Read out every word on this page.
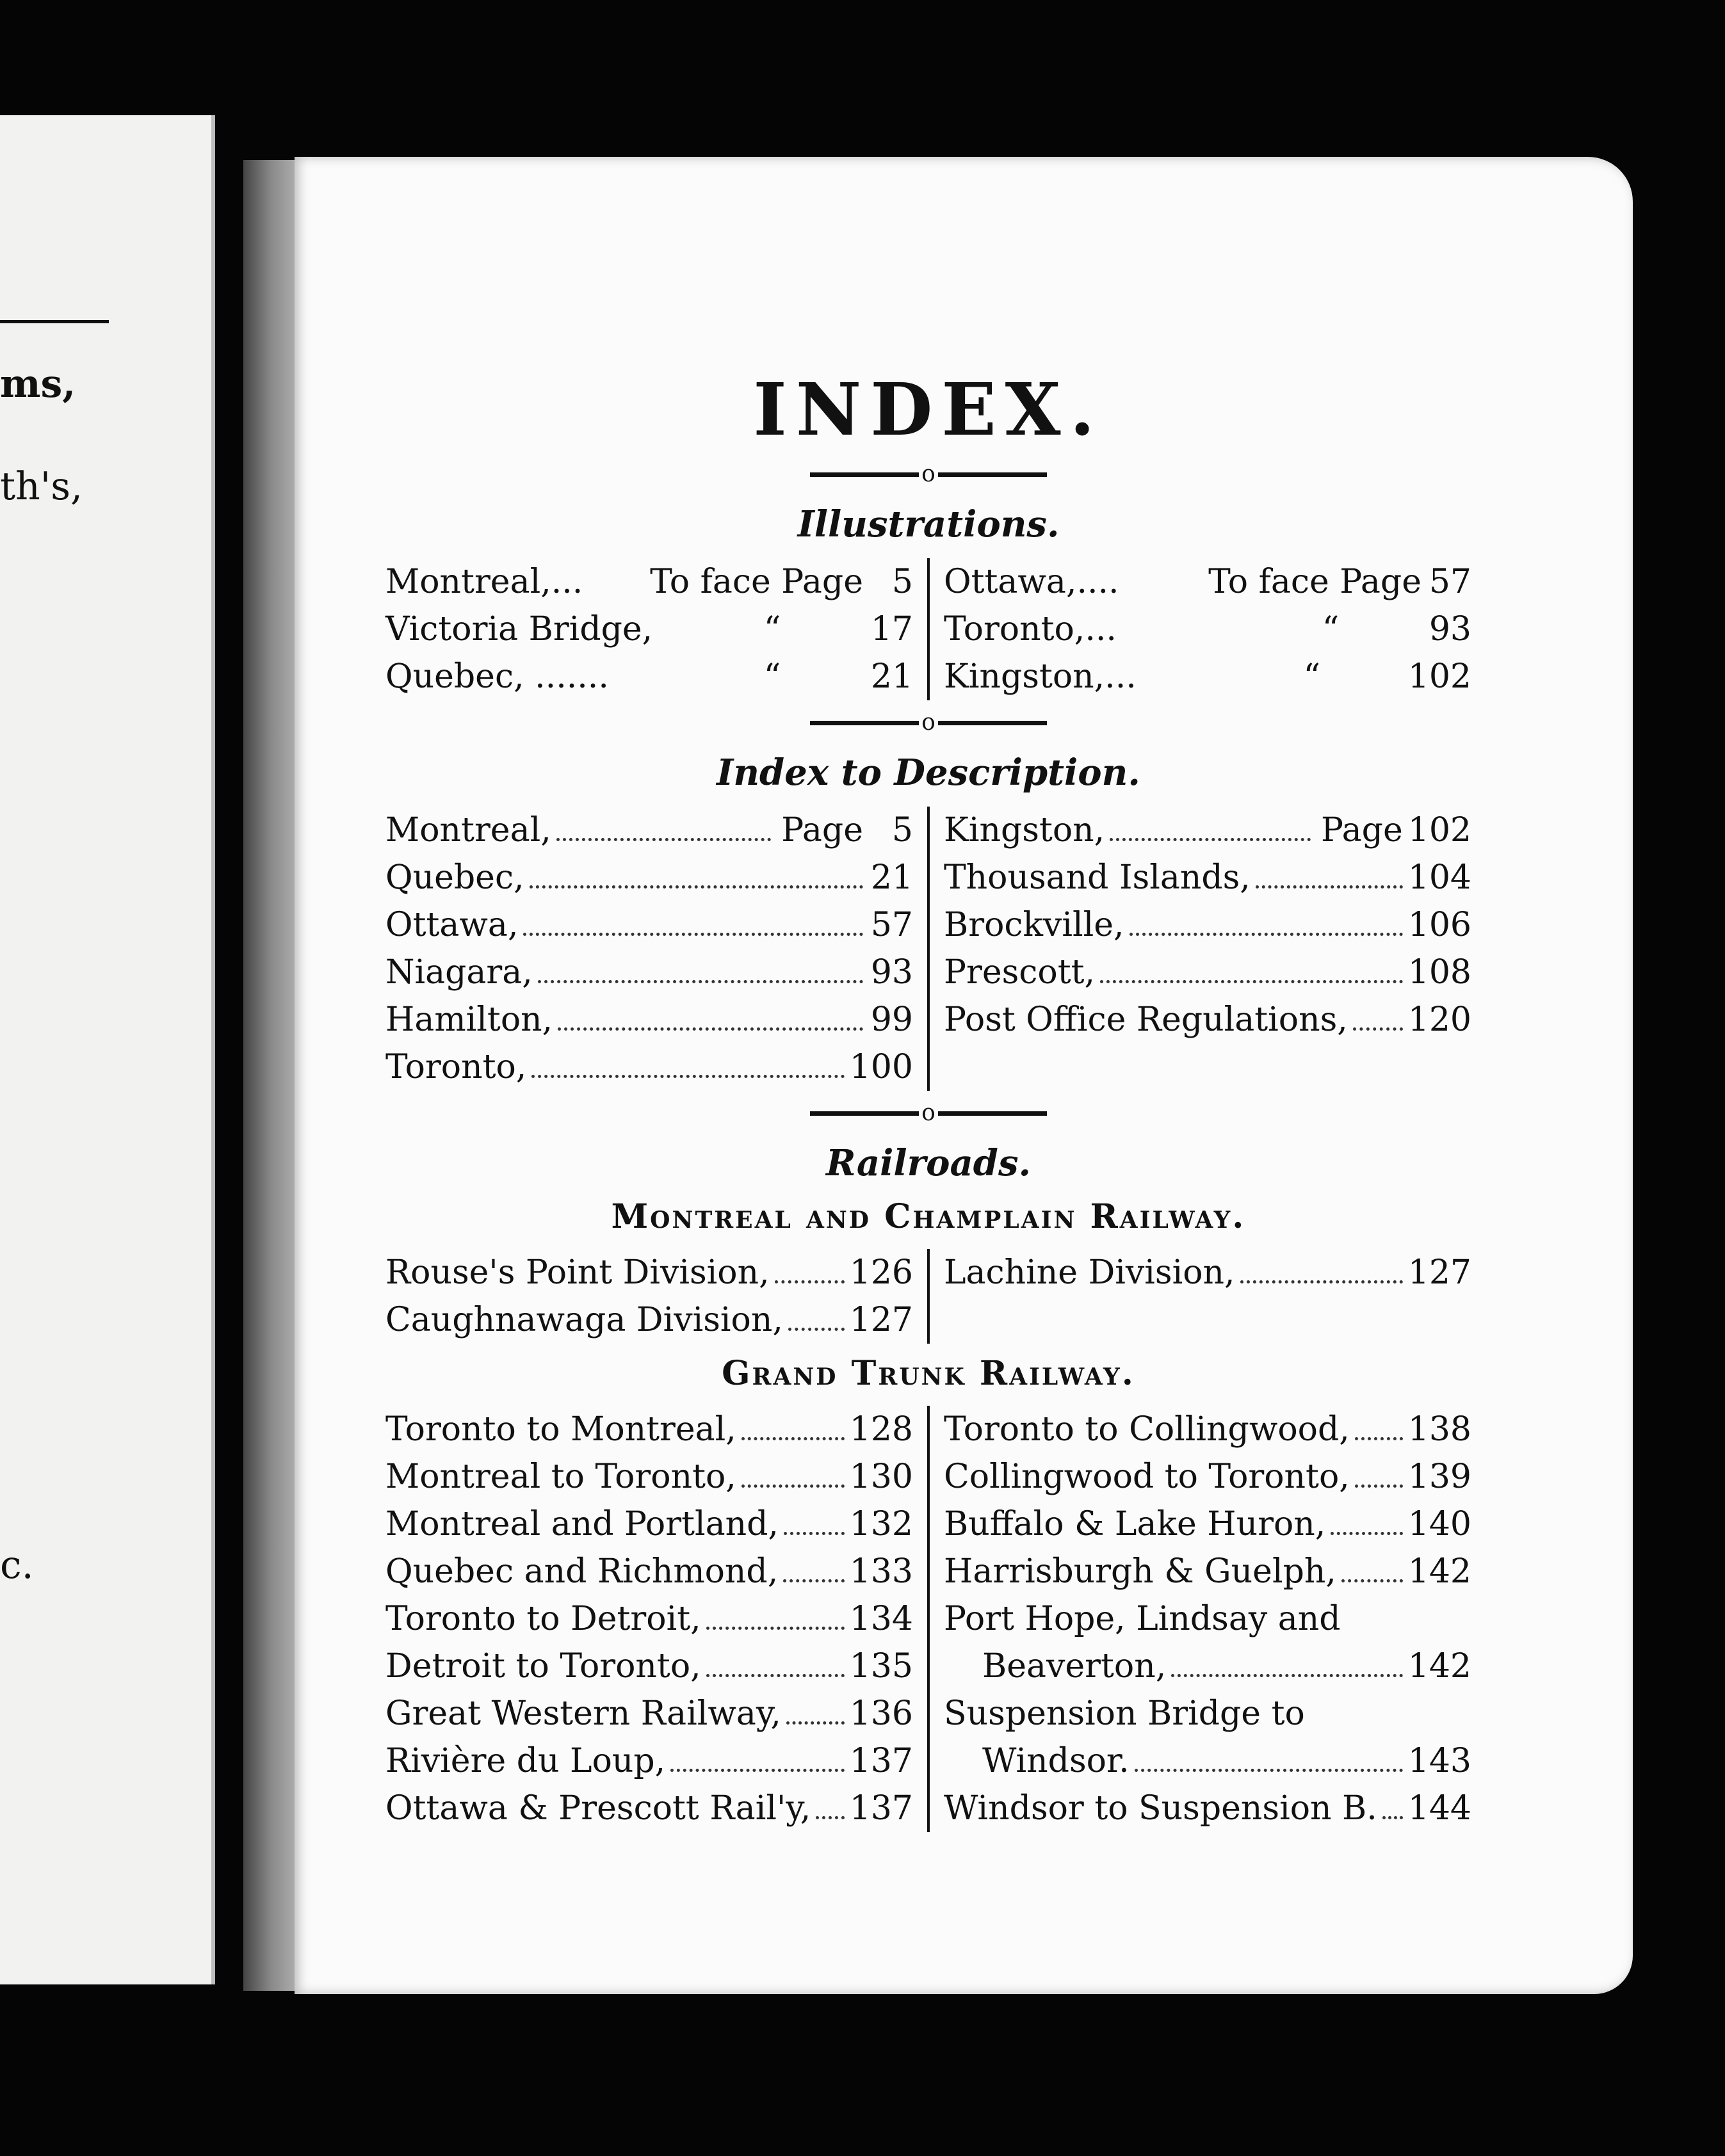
ms,
th's,
c.
INDEX.
o
Illustrations.
Montreal,... To face Page 5
Victoria Bridge,	“	17
Quebec, .......	“	21
Ottawa,....	To face Page 57
Toronto,...	“	93
Kingston,...	“	102
o
Index to Description.
Montreal,	Page 5
Quebec,	21
Ottawa,	57
Niagara,	93
Hamilton,	99
Toronto,	100
Kingston,	Page 102
Thousand Islands,	104
Brockville,	106
Prescott,	108
Post Office Regulations, 120
o
Railroads.
Montreal and Champlain Railway.
Rouse's Point Division, 126
Caughnawaga Division, 127
Lachine Division,	127
Grand Trunk Railway.
Toronto to Montreal,	128
Montreal to Toronto,	130
Montreal and Portland, 132
Quebec and Richmond, 133
Toronto to Detroit,	134
Detroit to Toronto,	135
Great Western Railway, 136
Rivière du Loup,	137
Ottawa & Prescott Rail'y, 137
Toronto to Collingwood, 138
Collingwood to Toronto, 139
Buffalo & Lake Huron, 140
Harrisburgh & Guelph, 142
Port Hope, Lindsay and
Beaverton,	142
Suspension Bridge to
Windsor.	143
Windsor to Suspension B. 144
